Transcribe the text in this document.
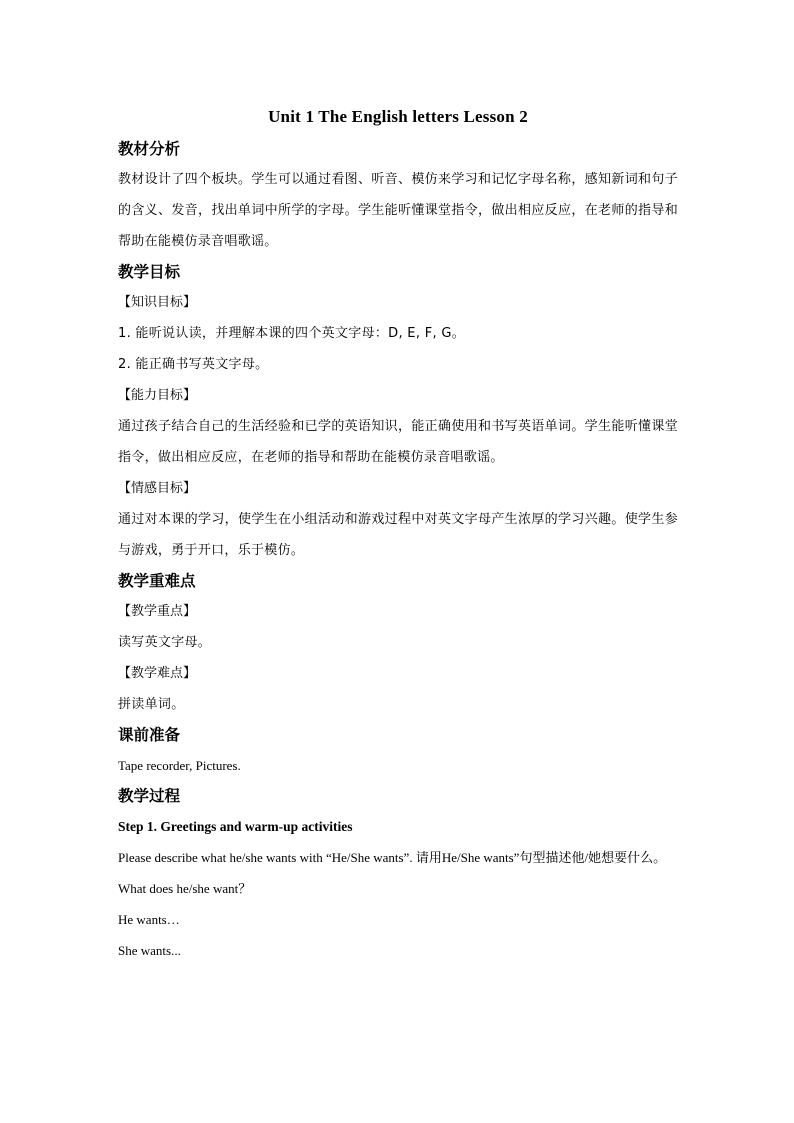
Unit 1 The English letters Lesson 2
教材分析
教材设计了四个板块。学生可以通过看图、听音、模仿来学习和记忆字母名称，感知新词和句子的含义、发音，找出单词中所学的字母。学生能听懂课堂指令，做出相应反应，在老师的指导和帮助在能模仿录音唱歌谣。
教学目标
【知识目标】
1. 能听说认读，并理解本课的四个英文字母：D, E, F, G。
2. 能正确书写英文字母。
【能力目标】
通过孩子结合自己的生活经验和已学的英语知识，能正确使用和书写英语单词。学生能听懂课堂指令，做出相应反应，在老师的指导和帮助在能模仿录音唱歌谣。
【情感目标】
通过对本课的学习，使学生在小组活动和游戏过程中对英文字母产生浓厚的学习兴趣。使学生参与游戏，勇于开口，乐于模仿。
教学重难点
【教学重点】
读写英文字母。
【教学难点】
拼读单词。
课前准备
Tape recorder, Pictures.
教学过程
Step 1. Greetings and warm-up activities
Please describe what he/she wants with “He/She wants”. 请用He/She wants”句型描述他/她想要什么。
What does he/she want？
He wants…
She wants...
